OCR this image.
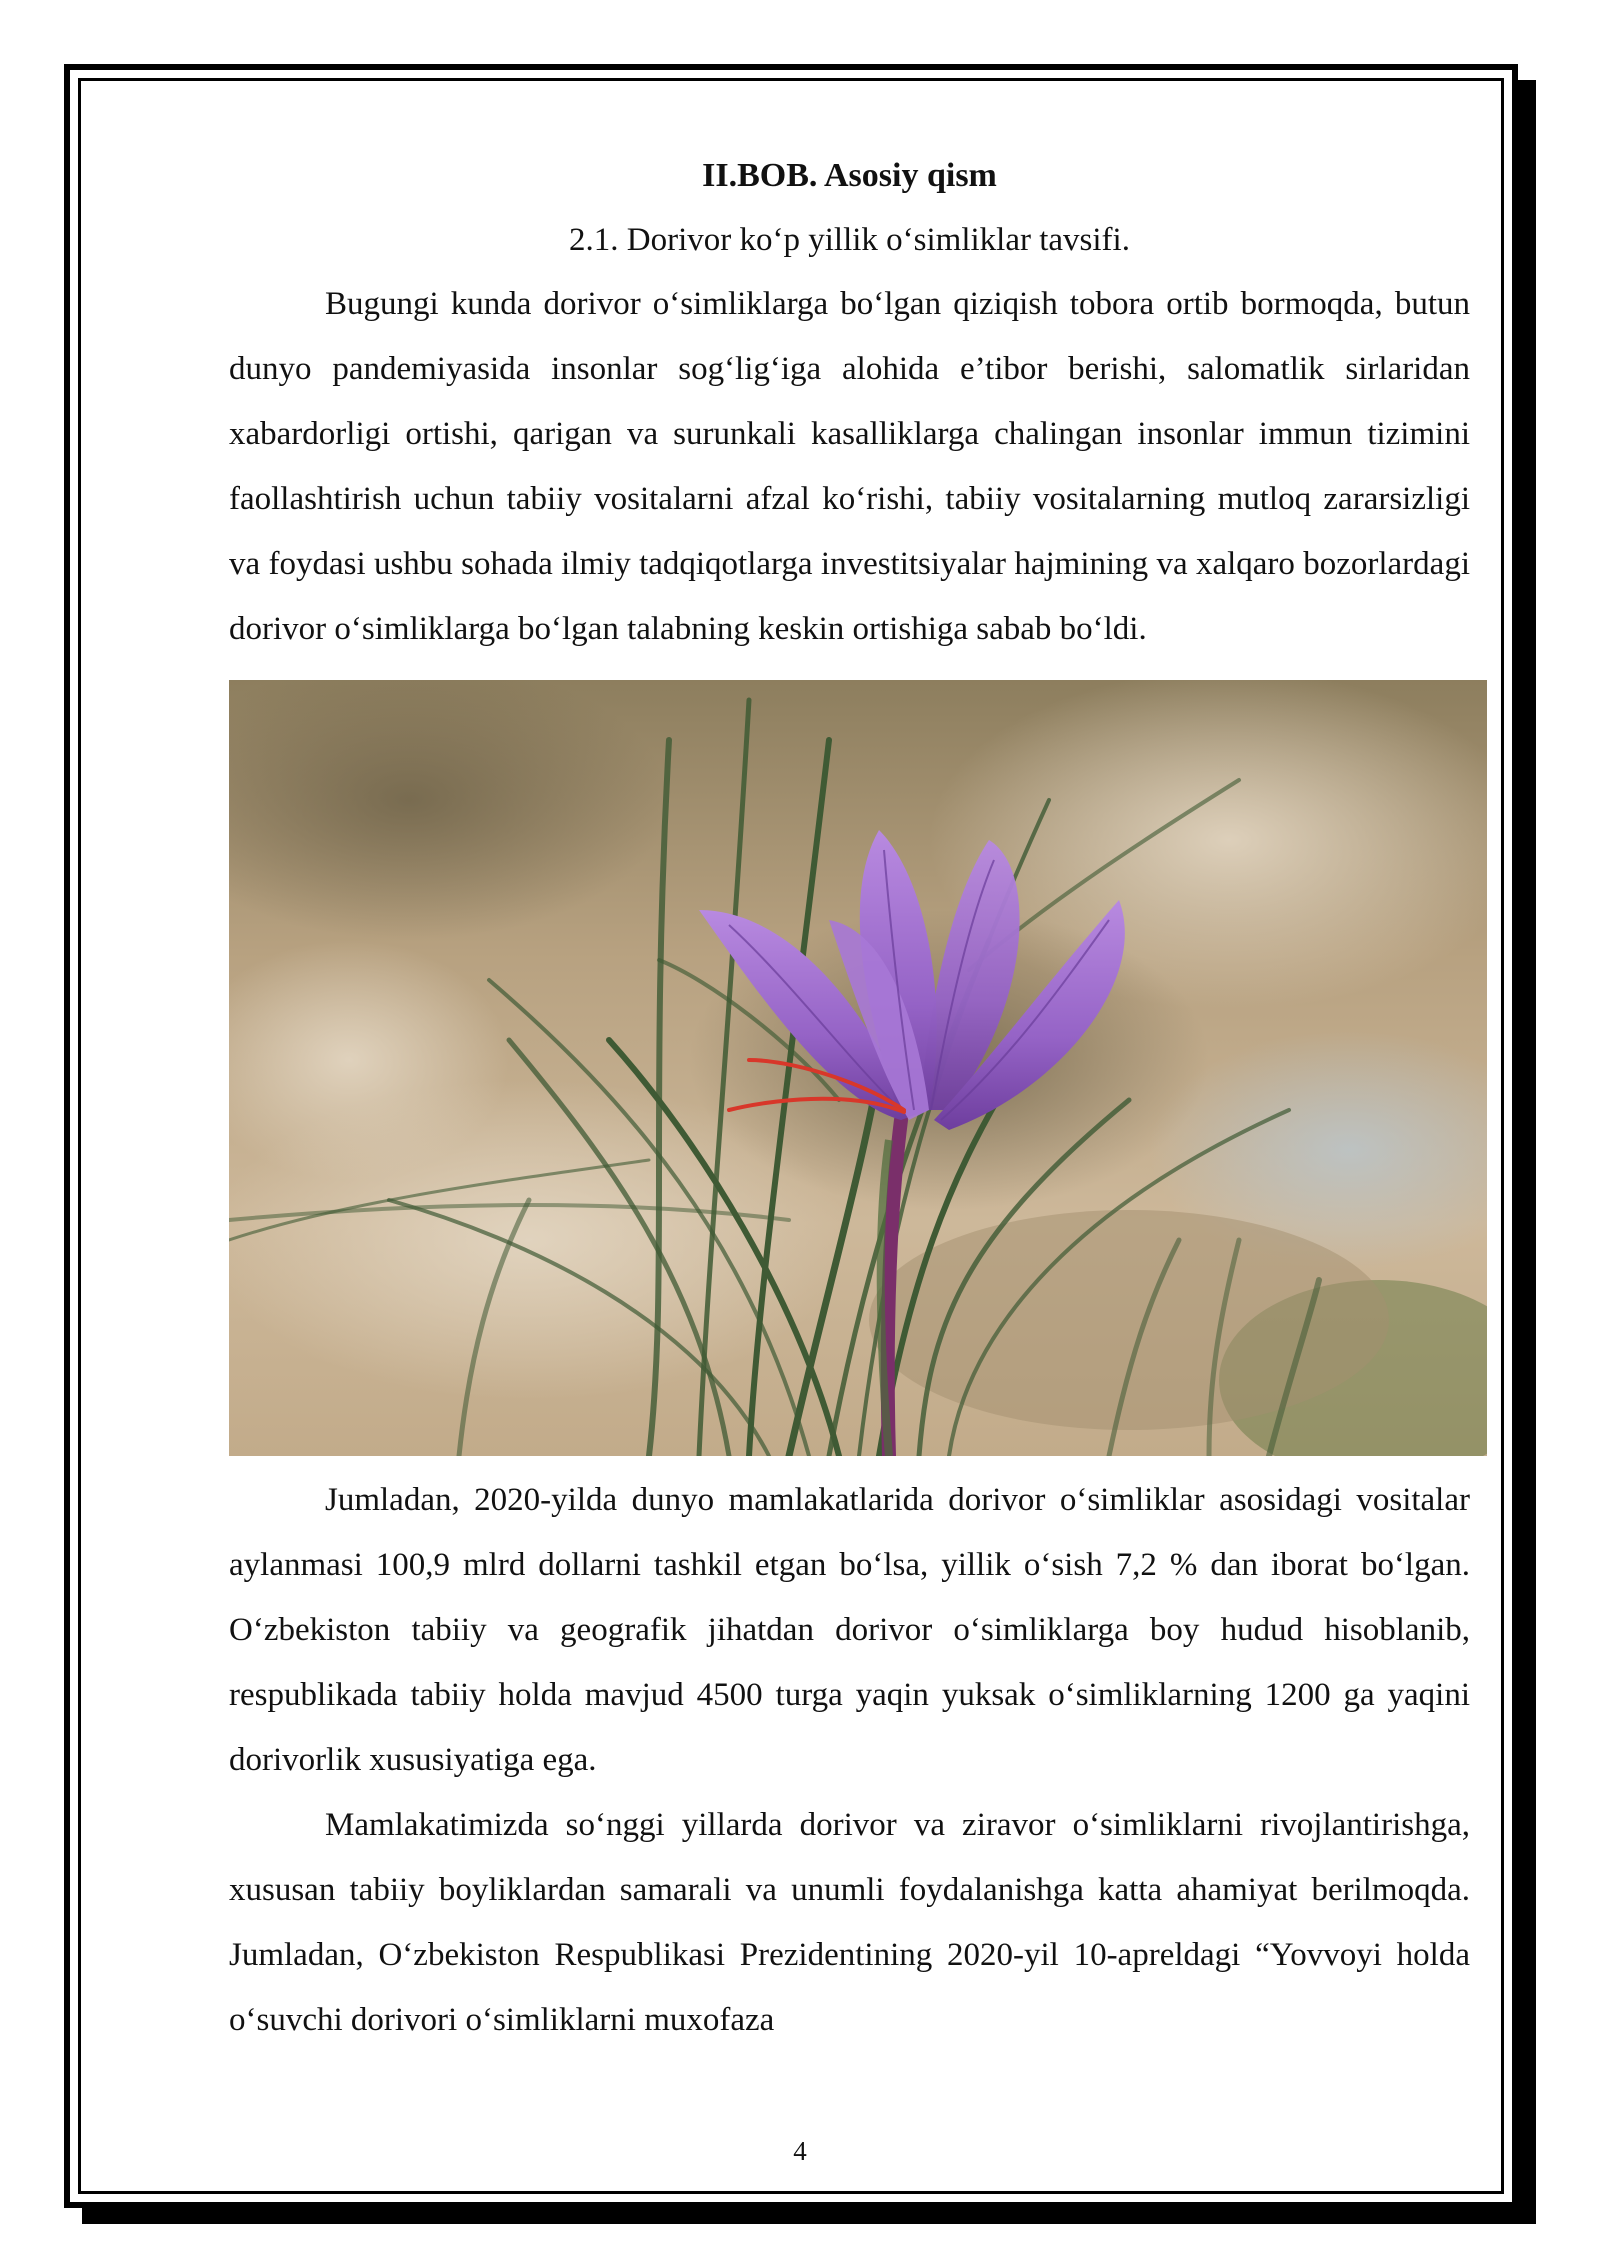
II.BOB. Asosiy qism

2.1. Dorivor ko‘p yillik o‘simliklar tavsifi.

Bugungi kunda dorivor o‘simliklarga bo‘lgan qiziqish tobora ortib bormoqda, butun dunyo pandemiyasida insonlar sog‘lig‘iga alohida e’tibor berishi, salomatlik sirlaridan xabardorligi ortishi, qarigan va surunkali kasalliklarga chalingan insonlar immun tizimini faollashtirish uchun tabiiy vositalarni afzal ko‘rishi, tabiiy vositalarning mutloq zararsizligi va foydasi ushbu sohada ilmiy tadqiqotlarga investitsiyalar hajmining va xalqaro bozorlardagi dorivor o‘simliklarga bo‘lgan talabning keskin ortishiga sabab bo‘ldi.

Jumladan, 2020-yilda dunyo mamlakatlarida dorivor o‘simliklar asosidagi vositalar aylanmasi 100,9 mlrd dollarni tashkil etgan bo‘lsa, yillik o‘sish 7,2 % dan iborat bo‘lgan. O‘zbekiston tabiiy va geografik jihatdan dorivor o‘simliklarga boy hudud hisoblanib, respublikada tabiiy holda mavjud 4500 turga yaqin yuksak o‘simliklarning 1200 ga yaqini dorivorlik xususiyatiga ega.

Mamlakatimizda so‘nggi yillarda dorivor va ziravor o‘simliklarni rivojlantirishga, xususan tabiiy boyliklardan samarali va unumli foydalanishga katta ahamiyat berilmoqda. Jumladan, O‘zbekiston Respublikasi Prezidentining 2020-yil 10-apreldagi “Yovvoyi holda o‘suvchi dorivori o‘simliklarni muxofaza

4
